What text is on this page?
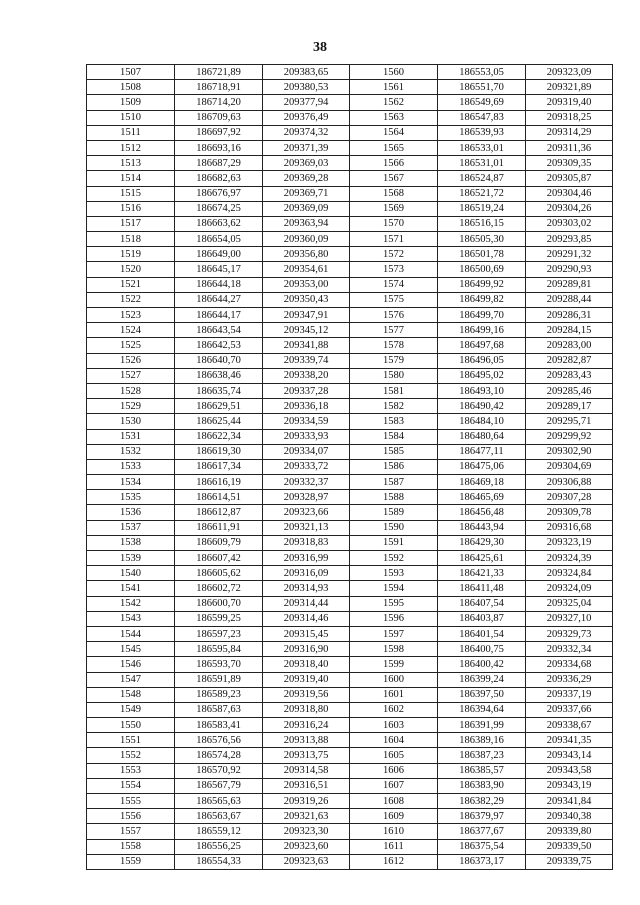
38
1507	186721,89	209383,65	1560	186553,05	209323,09
1508	186718,91	209380,53	1561	186551,70	209321,89
1509	186714,20	209377,94	1562	186549,69	209319,40
1510	186709,63	209376,49	1563	186547,83	209318,25
1511	186697,92	209374,32	1564	186539,93	209314,29
1512	186693,16	209371,39	1565	186533,01	209311,36
1513	186687,29	209369,03	1566	186531,01	209309,35
1514	186682,63	209369,28	1567	186524,87	209305,87
1515	186676,97	209369,71	1568	186521,72	209304,46
1516	186674,25	209369,09	1569	186519,24	209304,26
1517	186663,62	209363,94	1570	186516,15	209303,02
1518	186654,05	209360,09	1571	186505,30	209293,85
1519	186649,00	209356,80	1572	186501,78	209291,32
1520	186645,17	209354,61	1573	186500,69	209290,93
1521	186644,18	209353,00	1574	186499,92	209289,81
1522	186644,27	209350,43	1575	186499,82	209288,44
1523	186644,17	209347,91	1576	186499,70	209286,31
1524	186643,54	209345,12	1577	186499,16	209284,15
1525	186642,53	209341,88	1578	186497,68	209283,00
1526	186640,70	209339,74	1579	186496,05	209282,87
1527	186638,46	209338,20	1580	186495,02	209283,43
1528	186635,74	209337,28	1581	186493,10	209285,46
1529	186629,51	209336,18	1582	186490,42	209289,17
1530	186625,44	209334,59	1583	186484,10	209295,71
1531	186622,34	209333,93	1584	186480,64	209299,92
1532	186619,30	209334,07	1585	186477,11	209302,90
1533	186617,34	209333,72	1586	186475,06	209304,69
1534	186616,19	209332,37	1587	186469,18	209306,88
1535	186614,51	209328,97	1588	186465,69	209307,28
1536	186612,87	209323,66	1589	186456,48	209309,78
1537	186611,91	209321,13	1590	186443,94	209316,68
1538	186609,79	209318,83	1591	186429,30	209323,19
1539	186607,42	209316,99	1592	186425,61	209324,39
1540	186605,62	209316,09	1593	186421,33	209324,84
1541	186602,72	209314,93	1594	186411,48	209324,09
1542	186600,70	209314,44	1595	186407,54	209325,04
1543	186599,25	209314,46	1596	186403,87	209327,10
1544	186597,23	209315,45	1597	186401,54	209329,73
1545	186595,84	209316,90	1598	186400,75	209332,34
1546	186593,70	209318,40	1599	186400,42	209334,68
1547	186591,89	209319,40	1600	186399,24	209336,29
1548	186589,23	209319,56	1601	186397,50	209337,19
1549	186587,63	209318,80	1602	186394,64	209337,66
1550	186583,41	209316,24	1603	186391,99	209338,67
1551	186576,56	209313,88	1604	186389,16	209341,35
1552	186574,28	209313,75	1605	186387,23	209343,14
1553	186570,92	209314,58	1606	186385,57	209343,58
1554	186567,79	209316,51	1607	186383,90	209343,19
1555	186565,63	209319,26	1608	186382,29	209341,84
1556	186563,67	209321,63	1609	186379,97	209340,38
1557	186559,12	209323,30	1610	186377,67	209339,80
1558	186556,25	209323,60	1611	186375,54	209339,50
1559	186554,33	209323,63	1612	186373,17	209339,75
